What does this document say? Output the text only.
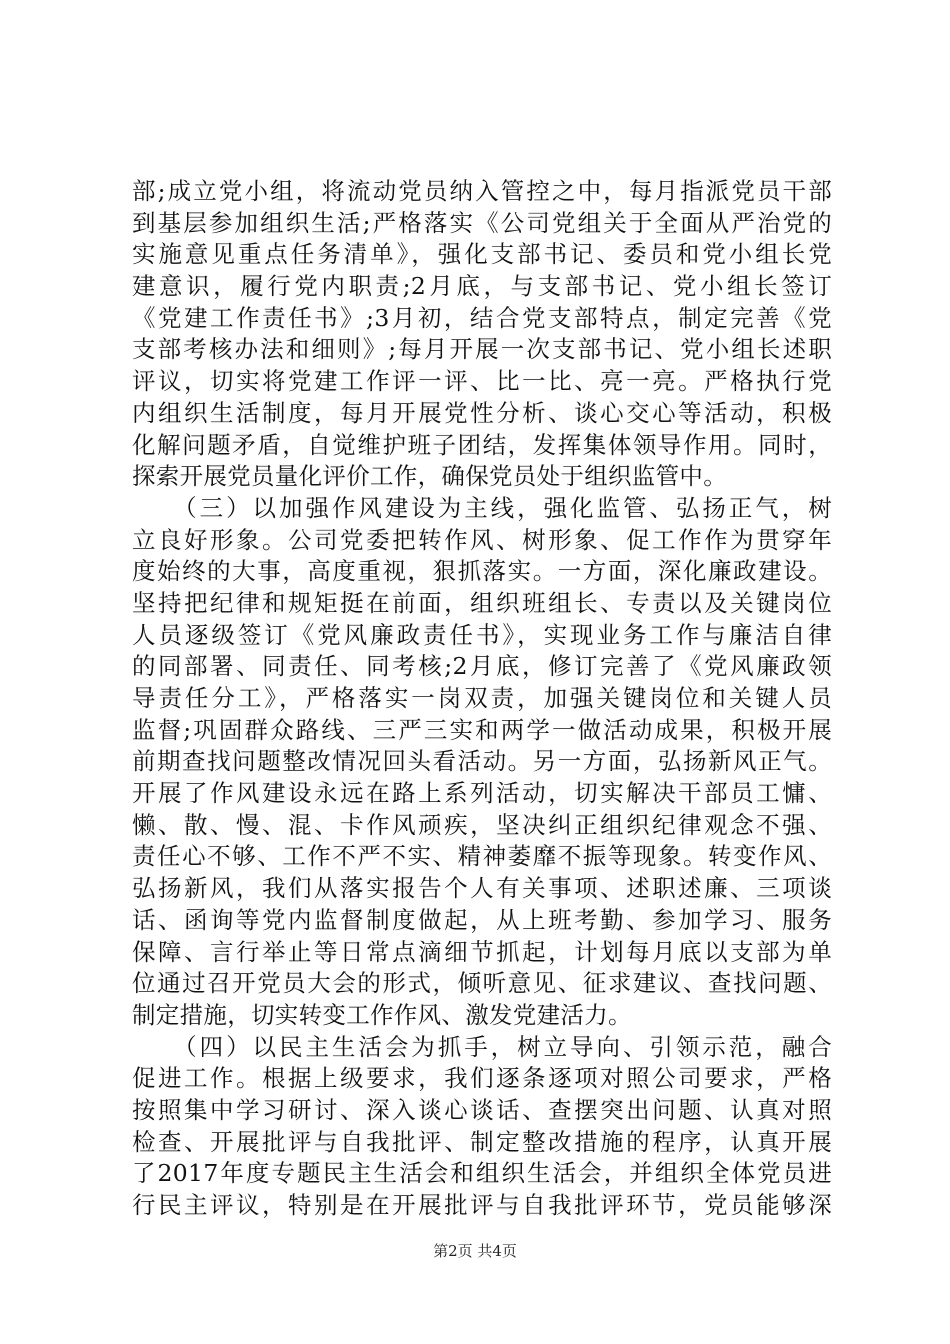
部;成立党小组，将流动党员纳入管控之中，每月指派党员干部
到基层参加组织生活;严格落实《公司党组关于全面从严治党的
实施意见重点任务清单》，强化支部书记、委员和党小组长党
建意识，履行党内职责;2月底，与支部书记、党小组长签订
《党建工作责任书》;3月初，结合党支部特点，制定完善《党
支部考核办法和细则》;每月开展一次支部书记、党小组长述职
评议，切实将党建工作评一评、比一比、亮一亮。严格执行党
内组织生活制度，每月开展党性分析、谈心交心等活动，积极
化解问题矛盾，自觉维护班子团结，发挥集体领导作用。同时，
探索开展党员量化评价工作，确保党员处于组织监管中。
　　（三）以加强作风建设为主线，强化监管、弘扬正气，树
立良好形象。公司党委把转作风、树形象、促工作作为贯穿年
度始终的大事，高度重视，狠抓落实。一方面，深化廉政建设。
坚持把纪律和规矩挺在前面，组织班组长、专责以及关键岗位
人员逐级签订《党风廉政责任书》，实现业务工作与廉洁自律
的同部署、同责任、同考核;2月底，修订完善了《党风廉政领
导责任分工》，严格落实一岗双责，加强关键岗位和关键人员
监督;巩固群众路线、三严三实和两学一做活动成果，积极开展
前期查找问题整改情况回头看活动。另一方面，弘扬新风正气。
开展了作风建设永远在路上系列活动，切实解决干部员工慵、
懒、散、慢、混、卡作风顽疾，坚决纠正组织纪律观念不强、
责任心不够、工作不严不实、精神萎靡不振等现象。转变作风、
弘扬新风，我们从落实报告个人有关事项、述职述廉、三项谈
话、函询等党内监督制度做起，从上班考勤、参加学习、服务
保障、言行举止等日常点滴细节抓起，计划每月底以支部为单
位通过召开党员大会的形式，倾听意见、征求建议、查找问题、
制定措施，切实转变工作作风、激发党建活力。
　　（四）以民主生活会为抓手，树立导向、引领示范，融合
促进工作。根据上级要求，我们逐条逐项对照公司要求，严格
按照集中学习研讨、深入谈心谈话、查摆突出问题、认真对照
检查、开展批评与自我批评、制定整改措施的程序，认真开展
了2017年度专题民主生活会和组织生活会，并组织全体党员进
行民主评议，特别是在开展批评与自我批评环节，党员能够深
第2页 共4页
